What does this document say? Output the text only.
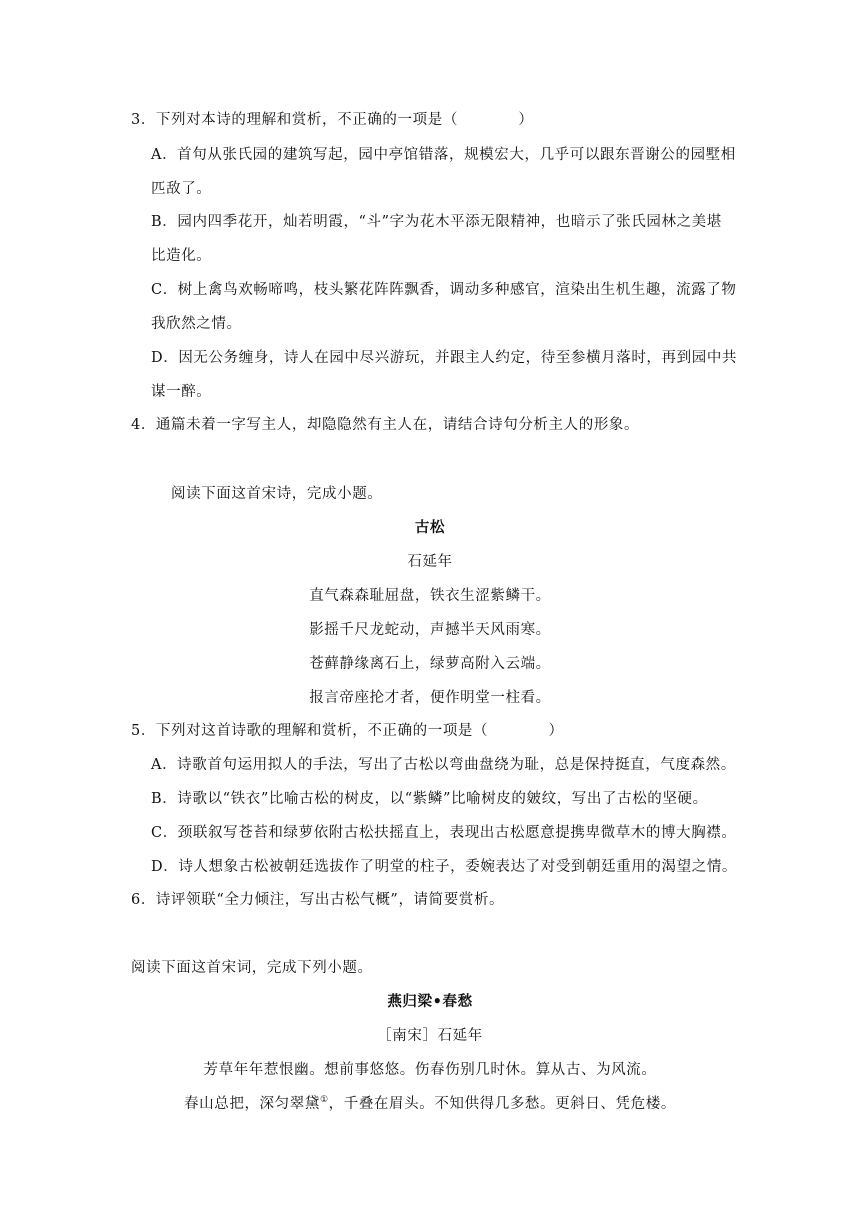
3．下列对本诗的理解和赏析，不正确的一项是（　　　　）
A．首句从张氏园的建筑写起，园中亭馆错落，规模宏大，几乎可以跟东晋谢公的园墅相
匹敌了。
B．园内四季花开，灿若明霞，“斗”字为花木平添无限精神，也暗示了张氏园林之美堪
比造化。
C．树上禽鸟欢畅啼鸣，枝头繁花阵阵飘香，调动多种感官，渲染出生机生趣，流露了物
我欣然之情。
D．因无公务缠身，诗人在园中尽兴游玩，并跟主人约定，待至参横月落时，再到园中共
谋一醉。
4．通篇未着一字写主人，却隐隐然有主人在，请结合诗句分析主人的形象。
阅读下面这首宋诗，完成小题。
古松
石延年
直气森森耻屈盘，铁衣生涩紫鳞干。
影摇千尺龙蛇动，声撼半天风雨寒。
苍藓静缘离石上，绿萝高附入云端。
报言帝座抡才者，便作明堂一柱看。
5．下列对这首诗歌的理解和赏析，不正确的一项是（　　　　）
A．诗歌首句运用拟人的手法，写出了古松以弯曲盘绕为耻，总是保持挺直，气度森然。
B．诗歌以“铁衣”比喻古松的树皮，以“紫鳞”比喻树皮的皴纹，写出了古松的坚硬。
C．颈联叙写苍苔和绿萝依附古松扶摇直上，表现出古松愿意提携卑微草木的博大胸襟。
D．诗人想象古松被朝廷选拔作了明堂的柱子，委婉表达了对受到朝廷重用的渴望之情。
6．诗评领联“全力倾注，写出古松气概”，请简要赏析。
阅读下面这首宋词，完成下列小题。
燕归梁•春愁
［南宋］石延年
芳草年年惹恨幽。想前事悠悠。伤春伤别几时休。算从古、为风流。
春山总把，深匀翠黛①，千叠在眉头。不知供得几多愁。更斜日、凭危楼。
